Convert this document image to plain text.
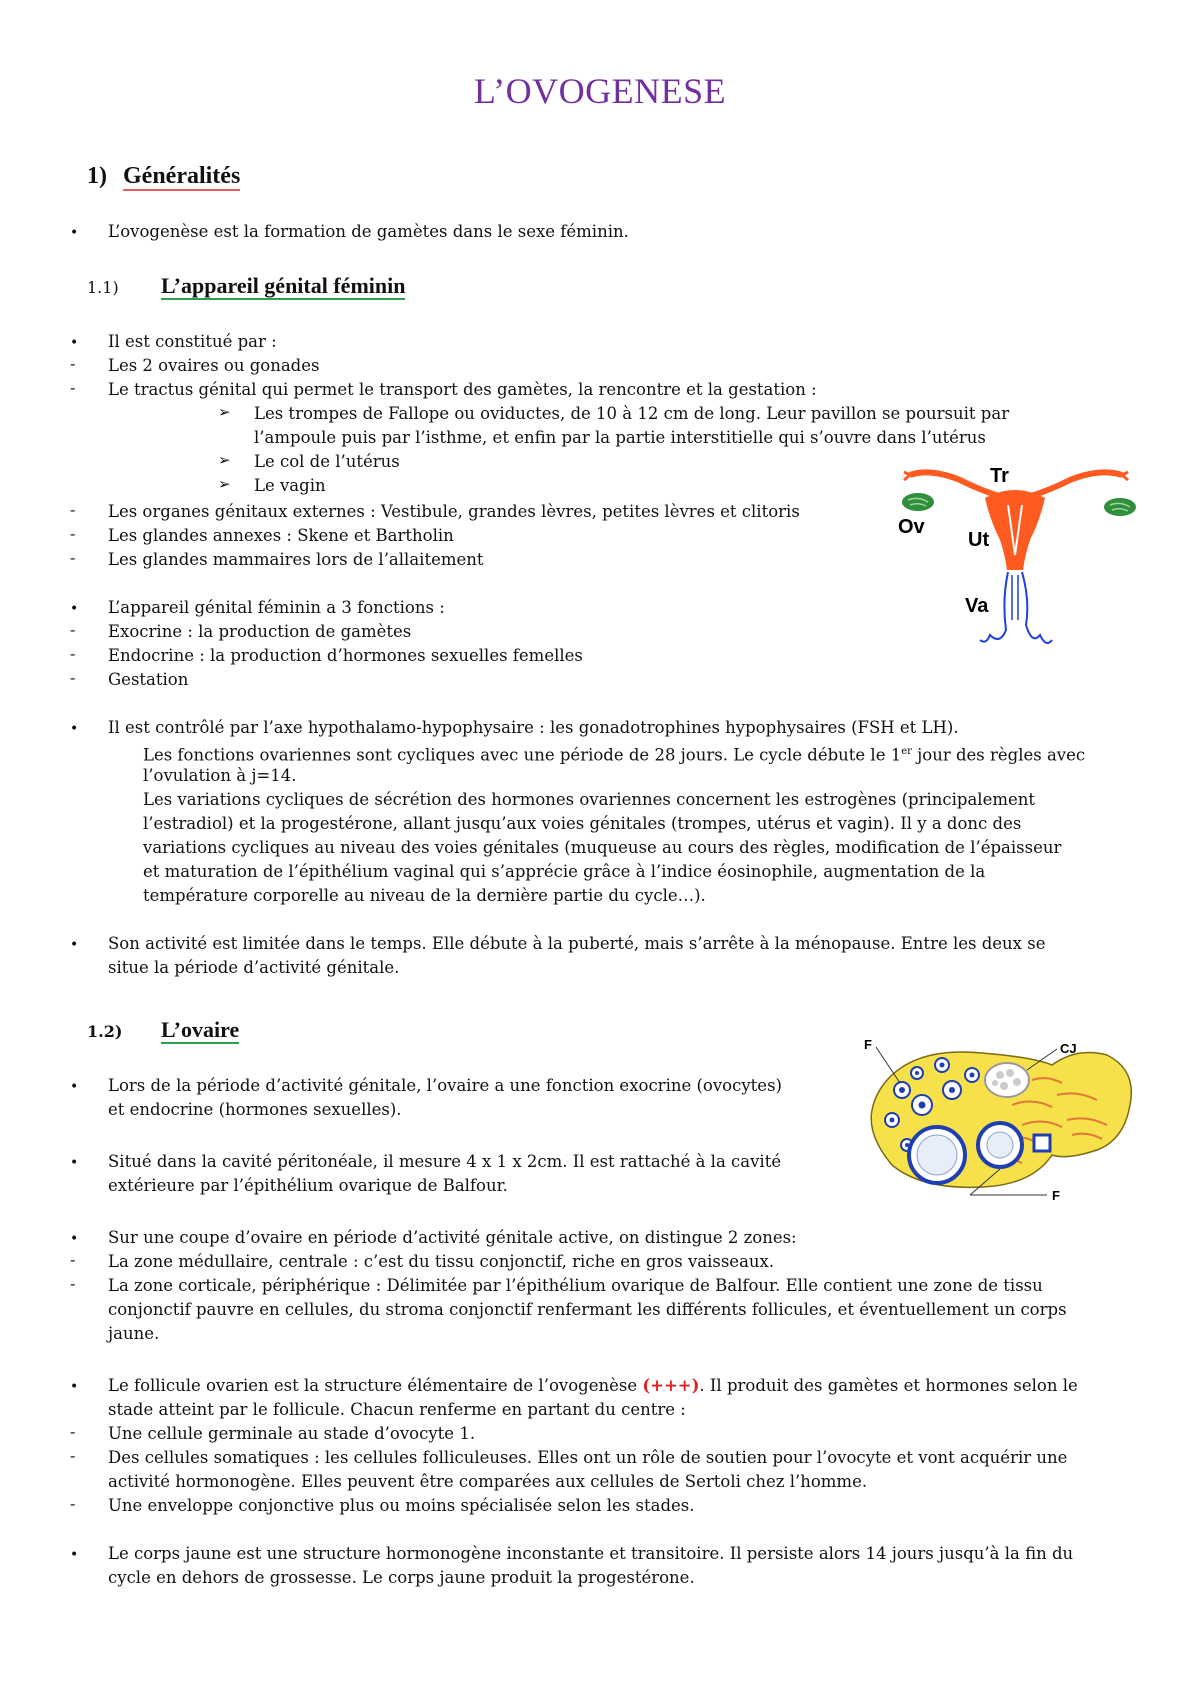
L’OVOGENESE
1) Généralités
• L’ovogenèse est la formation de gamètes dans le sexe féminin.
1.1) L’appareil génital féminin
• Il est constitué par :
- Les 2 ovaires ou gonades
- Le tractus génital qui permet le transport des gamètes, la rencontre et la gestation :
➢ Les trompes de Fallope ou oviductes, de 10 à 12 cm de long. Leur pavillon se poursuit par
l’ampoule puis par l’isthme, et enfin par la partie interstitielle qui s’ouvre dans l’utérus
➢ Le col de l’utérus
➢ Le vagin
- Les organes génitaux externes : Vestibule, grandes lèvres, petites lèvres et clitoris
- Les glandes annexes : Skene et Bartholin
- Les glandes mammaires lors de l’allaitement
• L’appareil génital féminin a 3 fonctions :
- Exocrine : la production de gamètes
- Endocrine : la production d’hormones sexuelles femelles
- Gestation
• Il est contrôlé par l’axe hypothalamo-hypophysaire : les gonadotrophines hypophysaires (FSH et LH).
Les fonctions ovariennes sont cycliques avec une période de 28 jours. Le cycle débute le 1er jour des règles avec
l’ovulation à j=14.
Les variations cycliques de sécrétion des hormones ovariennes concernent les estrogènes (principalement
l’estradiol) et la progestérone, allant jusqu’aux voies génitales (trompes, utérus et vagin). Il y a donc des
variations cycliques au niveau des voies génitales (muqueuse au cours des règles, modification de l’épaisseur
et maturation de l’épithélium vaginal qui s’apprécie grâce à l’indice éosinophile, augmentation de la
température corporelle au niveau de la dernière partie du cycle…).
• Son activité est limitée dans le temps. Elle débute à la puberté, mais s’arrête à la ménopause. Entre les deux se
situe la période d’activité génitale.
Tr
Ov
Ut
Va
1.2) L’ovaire
• Lors de la période d’activité génitale, l’ovaire a une fonction exocrine (ovocytes)
et endocrine (hormones sexuelles).
• Situé dans la cavité péritonéale, il mesure 4 x 1 x 2cm. Il est rattaché à la cavité
extérieure par l’épithélium ovarique de Balfour.
• Sur une coupe d’ovaire en période d’activité génitale active, on distingue 2 zones:
- La zone médullaire, centrale : c’est du tissu conjonctif, riche en gros vaisseaux.
- La zone corticale, périphérique : Délimitée par l’épithélium ovarique de Balfour. Elle contient une zone de tissu
conjonctif pauvre en cellules, du stroma conjonctif renfermant les différents follicules, et éventuellement un corps
jaune.
• Le follicule ovarien est la structure élémentaire de l’ovogenèse (+++). Il produit des gamètes et hormones selon le
stade atteint par le follicule. Chacun renferme en partant du centre :
- Une cellule germinale au stade d’ovocyte 1.
- Des cellules somatiques : les cellules folliculeuses. Elles ont un rôle de soutien pour l’ovocyte et vont acquérir une
activité hormonogène. Elles peuvent être comparées aux cellules de Sertoli chez l’homme.
- Une enveloppe conjonctive plus ou moins spécialisée selon les stades.
• Le corps jaune est une structure hormonogène inconstante et transitoire. Il persiste alors 14 jours jusqu’à la fin du
cycle en dehors de grossesse. Le corps jaune produit la progestérone.
F	CJ
F
